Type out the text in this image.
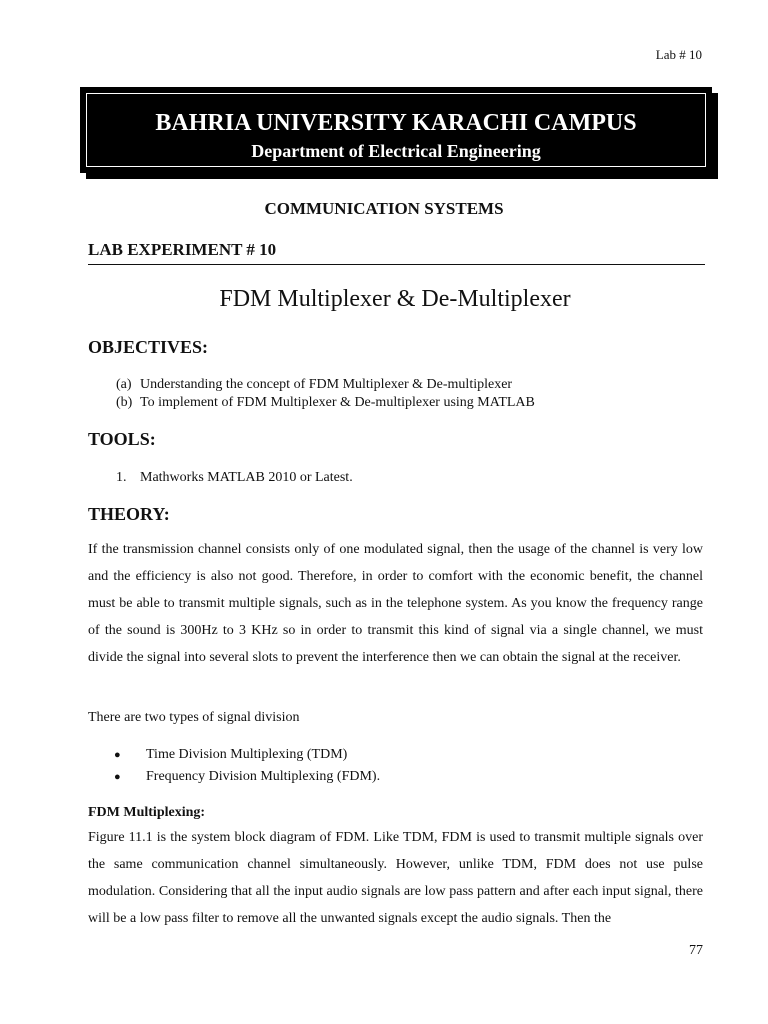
Lab # 10
BAHRIA UNIVERSITY KARACHI CAMPUS
Department of Electrical Engineering
COMMUNICATION SYSTEMS
LAB EXPERIMENT # 10
FDM Multiplexer & De-Multiplexer
OBJECTIVES:
(a) Understanding the concept of FDM Multiplexer & De-multiplexer
(b) To implement of FDM Multiplexer & De-multiplexer using MATLAB
TOOLS:
1. Mathworks MATLAB 2010 or Latest.
THEORY:

If the transmission channel consists only of one modulated signal, then the usage of the channel is very low and the efficiency is also not good. Therefore, in order to comfort with the economic benefit, the channel must be able to transmit multiple signals, such as in the telephone system. As you know the frequency range of the sound is 300Hz to 3 KHz so in order to transmit this kind of signal via a single channel, we must divide the signal into several slots to prevent the interference then we can obtain the signal at the receiver.

There are two types of signal division

● Time Division Multiplexing (TDM)
● Frequency Division Multiplexing (FDM).
FDM Multiplexing:

Figure 11.1 is the system block diagram of FDM. Like TDM, FDM is used to transmit multiple signals over the same communication channel simultaneously. However, unlike TDM, FDM does not use pulse modulation. Considering that all the input audio signals are low pass pattern and after each input signal, there will be a low pass filter to remove all the unwanted signals except the audio signals. Then the

77
